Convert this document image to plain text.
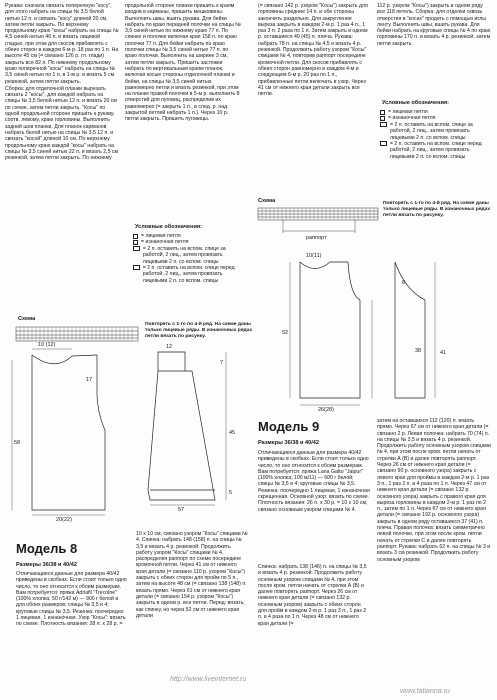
Рукава: сначала связать поперечную "косу", для этого набрать на спицы № 3,5 белой нитью 12 п. и связать "косу" длиной 20 см, затем петли закрыть. По верхнему продольному краю "косы" набрать на спицы № 4,5 синей нитью 46 п. и вязать лицевой гладью, при этом для скосов прибавлять с обеих сторон в каждом 6-м р. 18 раз по 1 п. На высоте 45 см (= связано 126 р. гл. глади) закрыть все 82 п. По нижнему продольному краю поперечной "косы" набрать на спицы № 3,5 синей нитью по 1 п. в 1-м р. и вязать 5 см резинкой, затем петли закрыть.

Сборка: для отделочной планки вырезать связать 2 "косы", для каждой набрать на спицы № 3,5 белой нитью 12 п. и вязать 20 см по схеме, затем петли закрыть. "Косы" по одной продольной стороне пришить к рукаву, соотв. левому, краю горловины. Выполнить задний шов планки. Для планок карманов набрать белой нитью на спицы № 3,5 12 п. и связать "косой" длиной 10 см. По верхнему продольному краю каждой "косы" набрать на спицы № 3,5 синей нитью 22 п. и вязать 2,5 см резинкой, затем петли закрыть. По нижнему

продольной стороне планки пришить к краям входов в карманы, пришить мешковины. Выполнить швы, вшить рукава. Для бейки набрать по краю передней полочки на спицы № 3,5 синей нитью по нижнему краю 77 п. По спинке и полочке включая края 158 п. по краю полочки 77 п. Для бейки набрать по краю полочки спицы № 3,5 синей нитью 77 п. по краю полочки. Выполнить на ширине 3 см, затем петли закрыть. Пришить застежки набрать по вертикальным краям планок, включая косые стороны отделочной планки и бейки, на спицы № 3,5 синей нитью равномерно петли и вязать резинкой, при этом на планке правой полочки в 5-м р. выполнить 8 отверстий для пуговиц, распределив их равномерно (= закрыть 1 п., в след. р. над закрытой петлей набрать 1 п.). Через 10 р. петли закрыть. Пришить пуговицы.

Условные обозначения:
= лицевая петля
– = изнаночная петля
= 2 п. оставить на вспом. спице за работой, 2 лиц., затем провязать лицевыми 2 п. со вспом. спицы
= 2 п. оставить на вспом. спице перед работой, 2 лиц., затем провязать лицевыми 2 п. со вспом. спицы

(= связано 142 р. узором "Косы") закрыть для горловины средние 14 п. и обе стороны закончить раздельно. Для закругления выреза закрыть в каждом 2-м р. 1 раз 4 п., 1 раз 3 п. 2 раза по 1 п. Затем закрыть в одном р. оставшиеся 40 (45) п. плеча. Рукава: набрать 78 п. на спицы № 4,5 и вязать 4 р. резинкой. Продолжить работу узором "Косы" спицами № 4, повторив раппорт посередине кромочной петли. Для скосов прибавлять с обеих сторон равномерно в каждом 4-м и следующем 6-м р. 20 раз по 1 п., прибавленные петли включать в узор. Через 41 см от нижнего края детали закрыть все петли.

112 р. узором "Косы") закрыть в одном ряду все 118 петель. Сборка: для отделки сквозь отверстия в "косах" продеть с помощью иглы ленту. Выполнить швы, вшить рукава. Для бейки набрать на круговые спицы № 4 по краю горловины 170 п. и вязать 4 р. резинкой, затем петли закрыть.

Условные обозначения:
= лицевая петля
– = изнаночная петля
= 2 п. оставить на вспом. спице за работой, 2 лиц., затем провязать лицевыми 2 п. со вспом. спицы
= 2 п. оставить на вспом. спице перед работой, 2 лиц., затем провязать лицевыми 2 п. со вспом. спицы
Схема
раппорт
Повторять с 1-го по 4-й ряд. На схеме даны только лицевые ряды. В изнаночных рядах петли вязать по рисунку.
Схема
Повторять с 1-го по 4-й ряд. На схеме даны только лицевые ряды. В изнаночных рядах петли вязать по рисунку.
10 (12)
17
58
20(22)
12
7
57
45
5
10(11)
52
26(28)
8
38	41
Модель 8
Размеры 36/38 и 40/42

Отличающиеся данные для размера 40/42 приведены в скобках. Если стоит только одно число, то оно относится к обоим размерам. Вам потребуется: пряжа Adriafil "Trecolne" (100% хлопка; 50 г/142 м) — 900 г белой и для обоих размеров; спицы № 3,5 и 4; круговые спицы № 3,5. Резинка: поочередно 1 лицевая, 1 изнаночная. Узор "Косы": вязать по схеме. Плотность вязания: 28 п. х 28 р. =

10 х 10 см, связано узором "Косы" спицами № 4. Спинка: набрать 148 (158) п. на спицы № 3,5 и вязать 4 р. резинкой. Продолжить работу узором "Косы" спицами № 4, распределяя раппорт по схеме посередине кромочной петли. Через 41 см от нижнего края детали (= связано 110 р. узором "Косы") закрыть с обеих сторон для пройм по 5 п., затем на высоте 48 см (= связано 138 (148) п. вязать прямо. Через 61 см от нижнего края детали (= связано 154 р. узором "Косы") закрыть в одном р. все петли. Перед: вязать, как спинку, но через 52 см от нижнего края детали

Модель 9
Размеры 36/38 и 40/42

Отличающиеся данные для размера 40/42 приведены в скобках. Если стоит только одно число, то оно относится к обоим размерам. Вам потребуется: пряжа Lana Gatto "Jaipur" (100% хлопка; 100 м/11) — 600 г белой; спицы № 3,5 и 4; круговые спицы № 3,5. Резинка: поочередно 1 лицевая, 1 изнаночная скрещенная. Основной узор: вязать по схеме. Плотность вязания: 26 п. х 30 р. = 10 х 10 см, связано основным узором спицами № 4.

Спинка: набрать 138 (146) п. на спицы № 3,5 и вязать 4 р. резинкой. Продолжить работу основным узором спицами № 4, при этом после кром. петли начать от стрелки А (В) и далее повторять раппорт. Через 26 см от нижнего края детали (= связано 132 р. основным узором) закрыть с обеих сторон для пройм в каждом 2-м р. 1 раз 3 п., 1 раз 2 п. и 4 раза по 1 п. Через 48 см от нижнего края детали (=

затем на оставшихся 112 (120) п. вязать прямо. Через 67 см от нижнего края детали (= связано 2 р. Левая полочка: набрать 70 (74) п. на спицы № 3,5 и вязать 4 р. резинкой. Продолжить работу основным узором спицами № 4, при этом после кром. петли начать от стрелки А (В) и далее повторять раппорт. Через 26 см от нижнего края детали (= связано 90 р. основного узора) закрыть с левого края для проймы в каждом 2-м р. 1 раз 3 п., 1 раз 2 п. и 4 раза по 1 п. Через 47 см от нижнего края детали (= связано 132 р. основного узора) закрыть с правого края для выреза горловины в каждом 2-м р. 1 раз по 2 п., затем по 1 п. Через 67 см от нижнего края детали (= связано 192 р. основного узора) закрыть в одном ряду оставшиеся 37 (41) п. плеча. Правая полочка: вязать симметрично левой полочке, при этом после кром. петли начать от стрелки С и далее повторять раппорт. Рукава: набрать 62 п. на спицы № 3 и вязать 3 см резинкой. Продолжить работу основным узором

http://www.liveinternet.ru
www.tatianna.ru
